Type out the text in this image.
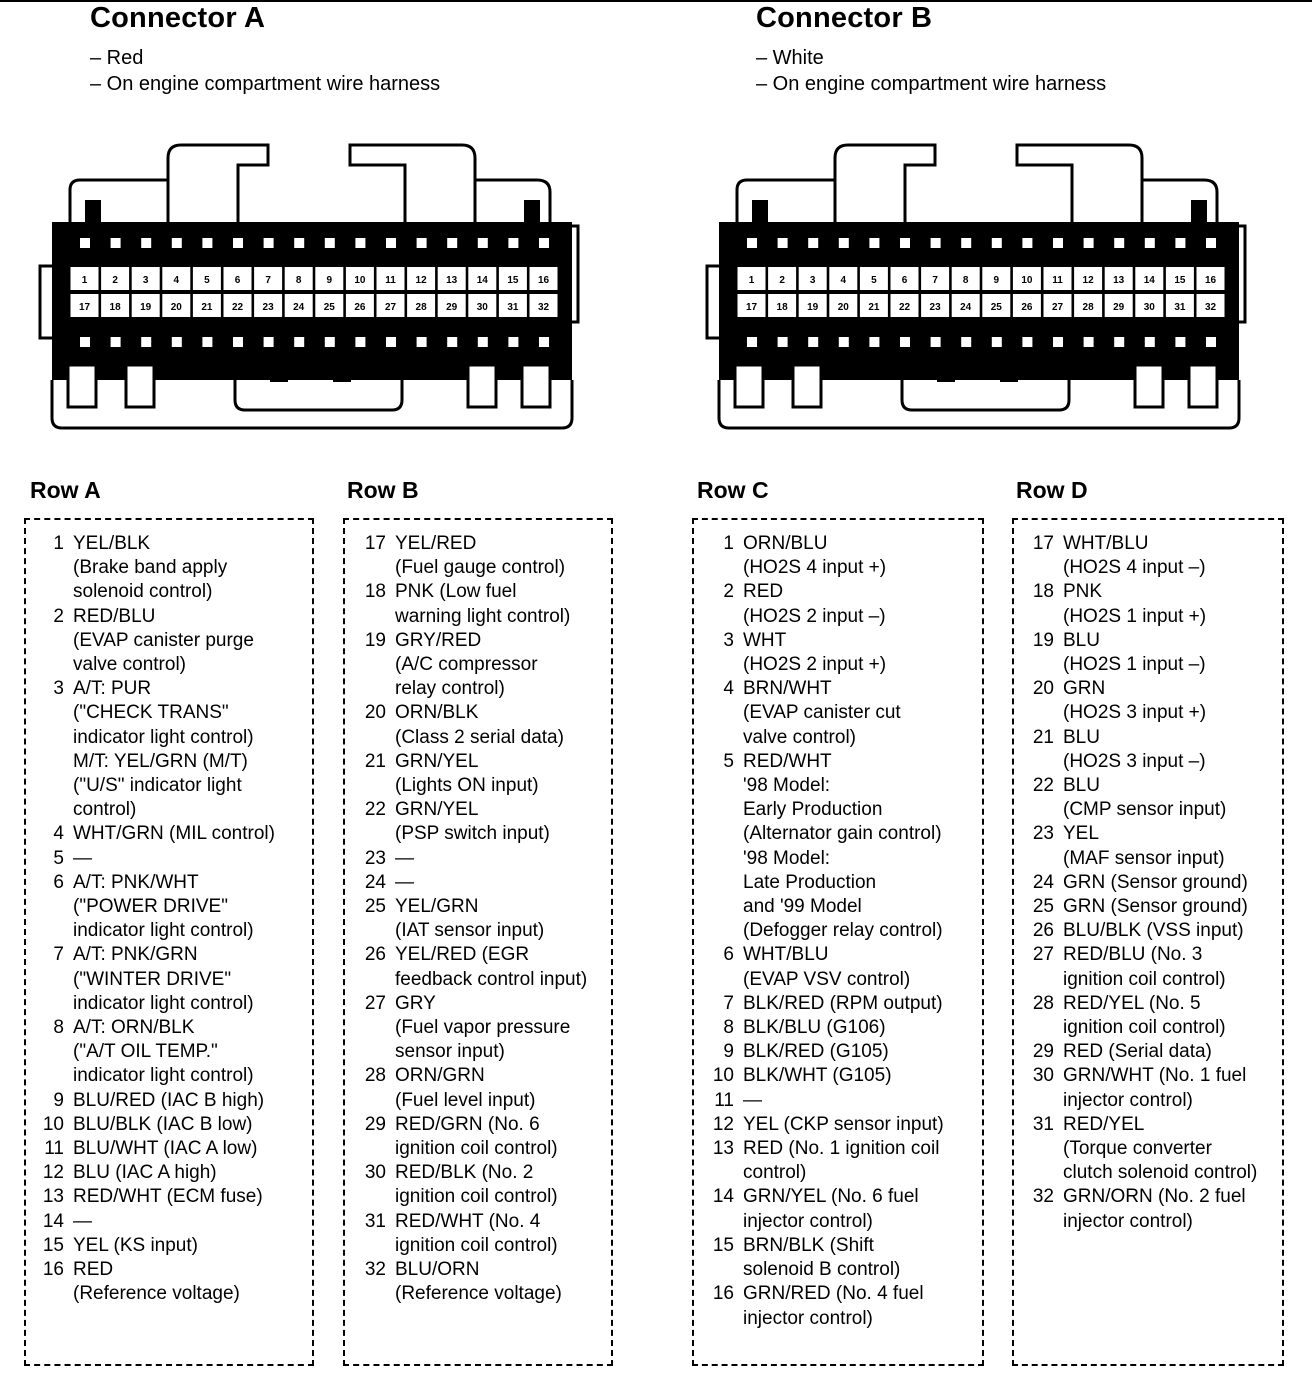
Connector A
– Red
– On engine compartment wire harness
Connector B
– White
– On engine compartment wire harness
1	2	3	4	5	6	7	8	9 10 11 12 13 14 15 16
17 18 19 20 21 22 23 24 25 26 27 28 29 30 31 32
1	2	3	4	5	6	7	8	9 10 11 12 13 14 15 16
17 18 19 20 21 22 23 24 25 26 27 28 29 30 31 32
Row A	Row B	Row C	Row D
1 YEL/BLK
(Brake band apply
solenoid control)
2 RED/BLU
(EVAP canister purge
valve control)
3 A/T: PUR
("CHECK TRANS"
indicator light control)
M/T: YEL/GRN (M/T)
("U/S" indicator light
control)
4 WHT/GRN (MIL control)
5 —
6 A/T: PNK/WHT
("POWER DRIVE"
indicator light control)
7 A/T: PNK/GRN
("WINTER DRIVE"
indicator light control)
8 A/T: ORN/BLK
("A/T OIL TEMP."
indicator light control)
9 BLU/RED (IAC B high)
10 BLU/BLK (IAC B low)
11 BLU/WHT (IAC A low)
12 BLU (IAC A high)
13 RED/WHT (ECM fuse)
14 —
15 YEL (KS input)
16 RED
(Reference voltage)
17 YEL/RED
(Fuel gauge control)
18 PNK (Low fuel
warning light control)
19 GRY/RED
(A/C compressor
relay control)
20 ORN/BLK
(Class 2 serial data)
21 GRN/YEL
(Lights ON input)
22 GRN/YEL
(PSP switch input)
23 —
24 —
25 YEL/GRN
(IAT sensor input)
26 YEL/RED (EGR
feedback control input)
27 GRY
(Fuel vapor pressure
sensor input)
28 ORN/GRN
(Fuel level input)
29 RED/GRN (No. 6
ignition coil control)
30 RED/BLK (No. 2
ignition coil control)
31 RED/WHT (No. 4
ignition coil control)
32 BLU/ORN
(Reference voltage)
1 ORN/BLU
(HO2S 4 input +)
2 RED
(HO2S 2 input –)
3 WHT
(HO2S 2 input +)
4 BRN/WHT
(EVAP canister cut
valve control)
5 RED/WHT
'98 Model:
Early Production
(Alternator gain control)
'98 Model:
Late Production
and '99 Model
(Defogger relay control)
6 WHT/BLU
(EVAP VSV control)
7 BLK/RED (RPM output)
8 BLK/BLU (G106)
9 BLK/RED (G105)
10 BLK/WHT (G105)
11 —
12 YEL (CKP sensor input)
13 RED (No. 1 ignition coil
control)
14 GRN/YEL (No. 6 fuel
injector control)
15 BRN/BLK (Shift
solenoid B control)
16 GRN/RED (No. 4 fuel
injector control)
17 WHT/BLU
(HO2S 4 input –)
18 PNK
(HO2S 1 input +)
19 BLU
(HO2S 1 input –)
20 GRN
(HO2S 3 input +)
21 BLU
(HO2S 3 input –)
22 BLU
(CMP sensor input)
23 YEL
(MAF sensor input)
24 GRN (Sensor ground)
25 GRN (Sensor ground)
26 BLU/BLK (VSS input)
27 RED/BLU (No. 3
ignition coil control)
28 RED/YEL (No. 5
ignition coil control)
29 RED (Serial data)
30 GRN/WHT (No. 1 fuel
injector control)
31 RED/YEL
(Torque converter
clutch solenoid control)
32 GRN/ORN (No. 2 fuel
injector control)
